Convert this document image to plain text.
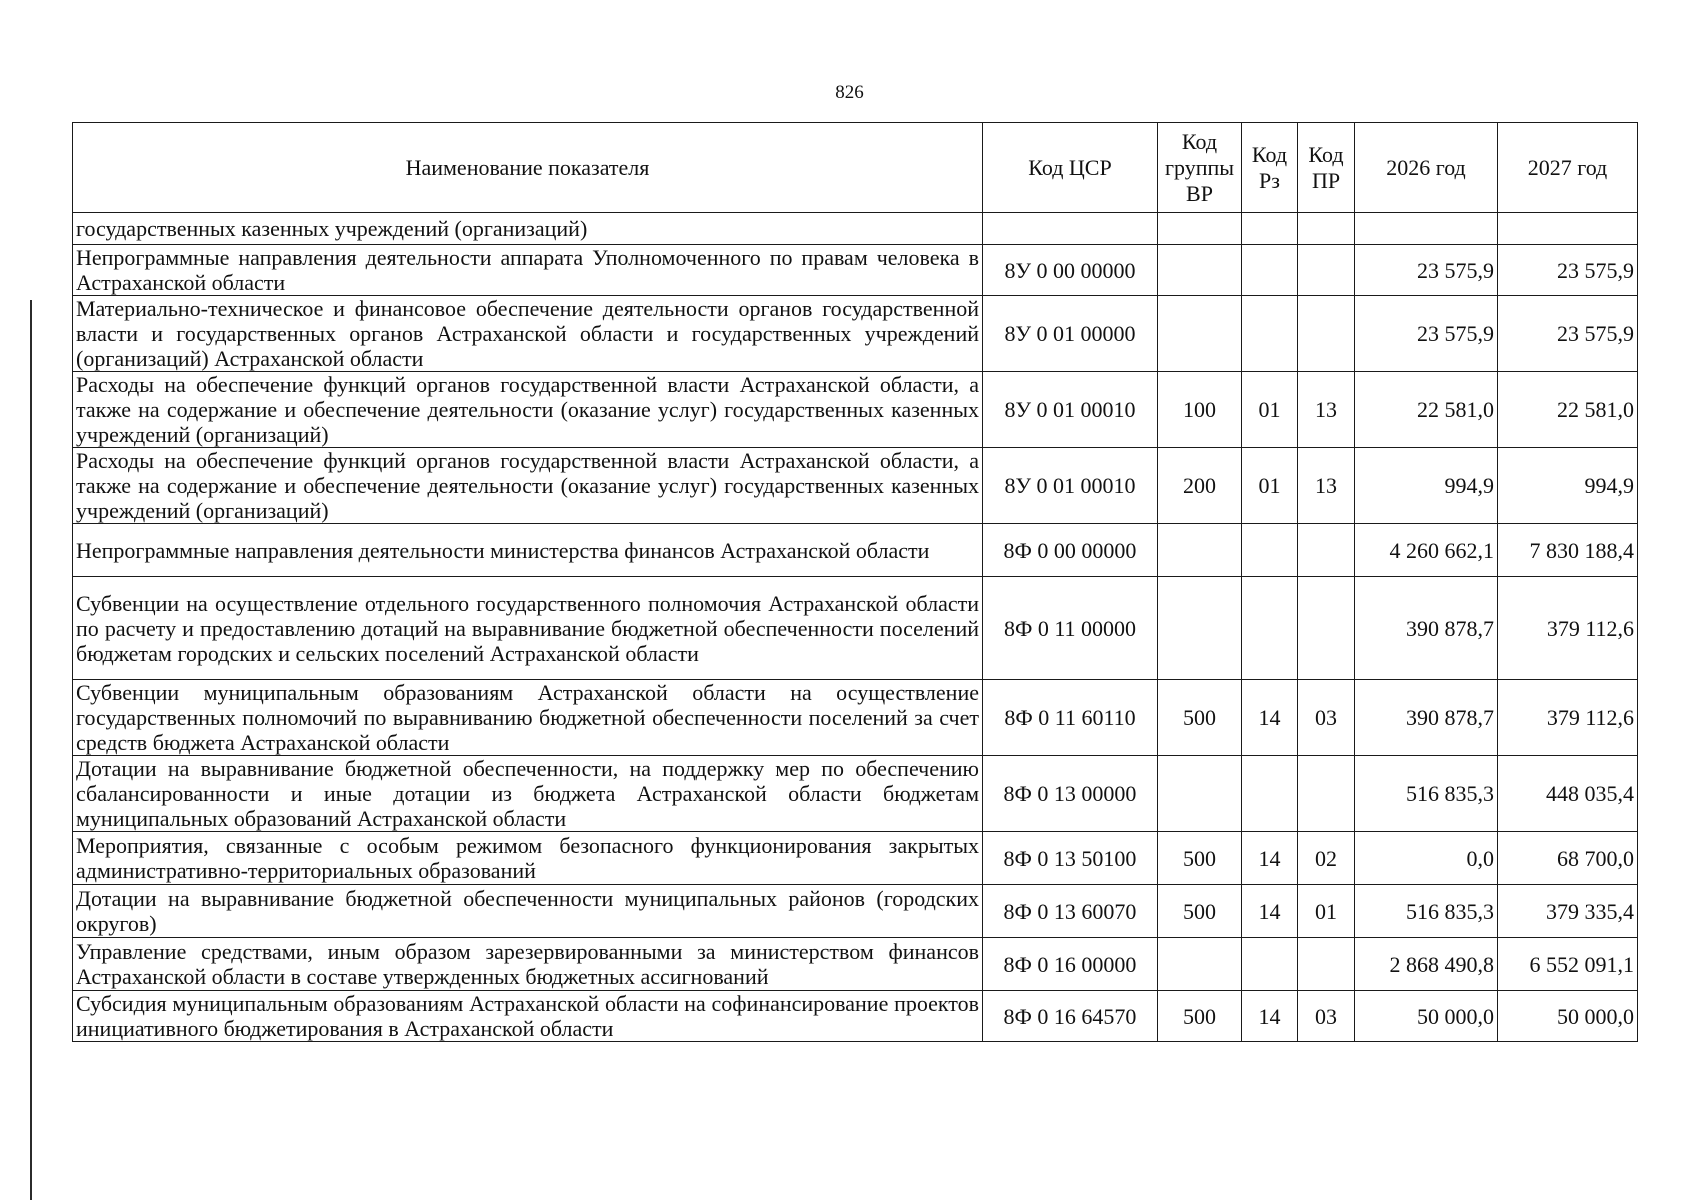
826
Наименование показателя	Код ЦСР	Код группы ВР	Код Рз	Код ПР	2026 год	2027 год
государственных казенных учреждений (организаций)						
Непрограммные направления деятельности аппарата Уполномоченного по правам человека в Астраханской области	8У 0 00 00000				23 575,9	23 575,9
Материально-техническое и финансовое обеспечение деятельности органов государственной власти и государственных органов Астраханской области и государственных учреждений (организаций) Астраханской области	8У 0 01 00000				23 575,9	23 575,9
Расходы на обеспечение функций органов государственной власти Астраханской области, а также на содержание и обеспечение деятельности (оказание услуг) государственных казенных учреждений (организаций)	8У 0 01 00010	100	01	13	22 581,0	22 581,0
Расходы на обеспечение функций органов государственной власти Астраханской области, а также на содержание и обеспечение деятельности (оказание услуг) государственных казенных учреждений (организаций)	8У 0 01 00010	200	01	13	994,9	994,9
Непрограммные направления деятельности министерства финансов Астраханской области	8Ф 0 00 00000				4 260 662,1	7 830 188,4
Субвенции на осуществление отдельного государственного полномочия Астраханской области по расчету и предоставлению дотаций на выравнивание бюджетной обеспеченности поселений бюджетам городских и сельских поселений Астраханской области	8Ф 0 11 00000				390 878,7	379 112,6
Субвенции муниципальным образованиям Астраханской области на осуществление государственных полномочий по выравниванию бюджетной обеспеченности поселений за счет средств бюджета Астраханской области	8Ф 0 11 60110	500	14	03	390 878,7	379 112,6
Дотации на выравнивание бюджетной обеспеченности, на поддержку мер по обеспечению сбалансированности и иные дотации из бюджета Астраханской области бюджетам муниципальных образований Астраханской области	8Ф 0 13 00000				516 835,3	448 035,4
Мероприятия, связанные с особым режимом безопасного функционирования закрытых административно-территориальных образований	8Ф 0 13 50100	500	14	02	0,0	68 700,0
Дотации на выравнивание бюджетной обеспеченности муниципальных районов (городских округов)	8Ф 0 13 60070	500	14	01	516 835,3	379 335,4
Управление средствами, иным образом зарезервированными за министерством финансов Астраханской области в составе утвержденных бюджетных ассигнований	8Ф 0 16 00000				2 868 490,8	6 552 091,1
Субсидия муниципальным образованиям Астраханской области на софинансирование проектов инициативного бюджетирования в Астраханской области	8Ф 0 16 64570	500	14	03	50 000,0	50 000,0
